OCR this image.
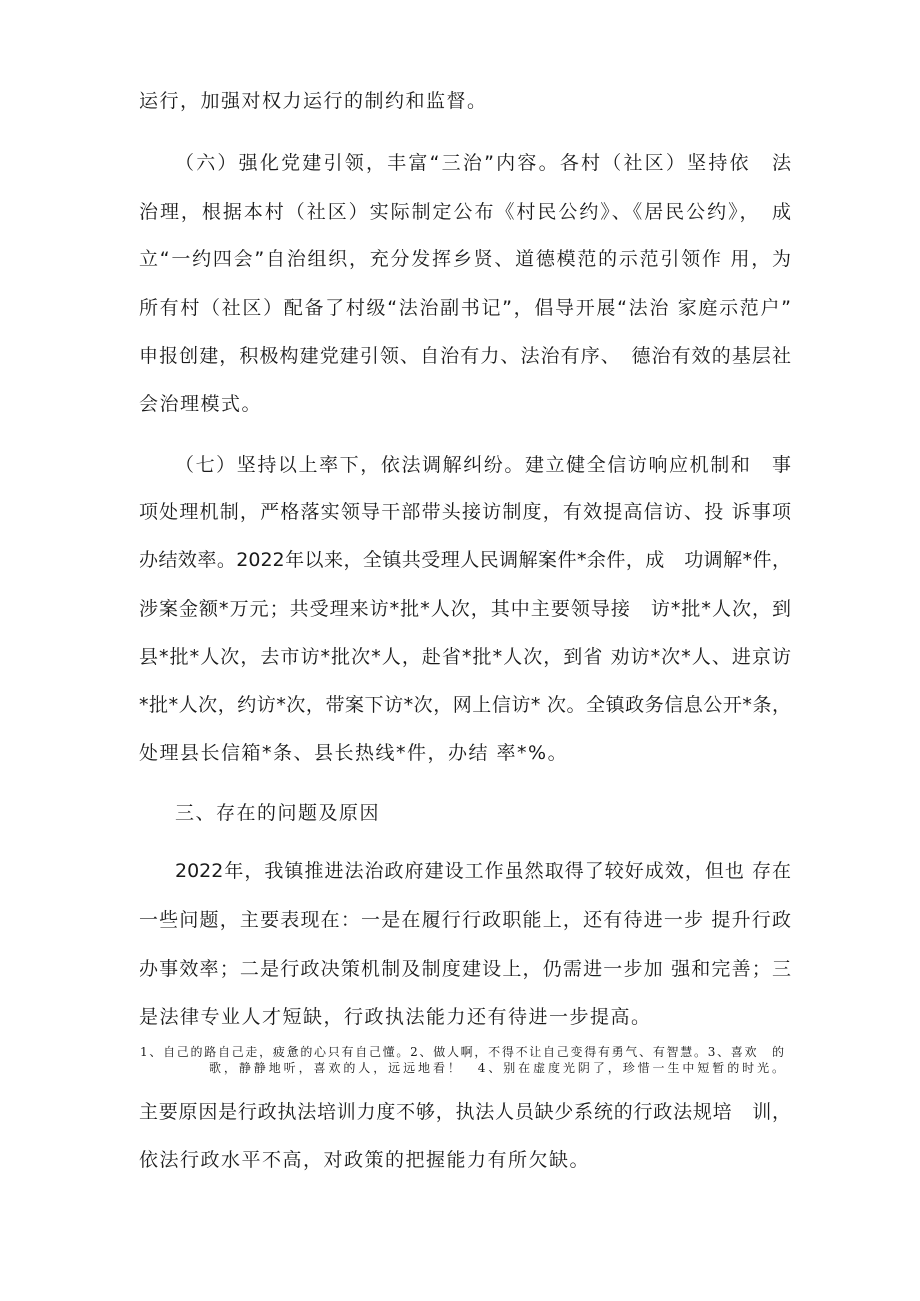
运行，加强对权力运行的制约和监督。
（六）强化党建引领，丰富“三治”内容。各村（社区）坚持依　法
治理，根据本村（社区）实际制定公布《村民公约》、《居民公约》，　成
立“一约四会”自治组织，充分发挥乡贤、道德模范的示范引领作 用，为
所有村（社区）配备了村级“法治副书记”，倡导开展“法治 家庭示范户”
申报创建，积极构建党建引领、自治有力、法治有序、　德治有效的基层社
会治理模式。
（七）坚持以上率下，依法调解纠纷。建立健全信访响应机制和　事
项处理机制，严格落实领导干部带头接访制度，有效提高信访、投 诉事项
办结效率。2022年以来，全镇共受理人民调解案件*余件，成　功调解*件，
涉案金额*万元；共受理来访*批*人次，其中主要领导接　访*批*人次，到
县*批*人次，去市访*批次*人，赴省*批*人次，到省 劝访*次*人、进京访
*批*人次，约访*次，带案下访*次，网上信访* 次。全镇政务信息公开*条，
处理县长信箱*条、县长热线*件，办结 率*%。
三、存在的问题及原因
2022年，我镇推进法治政府建设工作虽然取得了较好成效，但也 存在
一些问题，主要表现在：一是在履行行政职能上，还有待进一步 提升行政
办事效率；二是行政决策机制及制度建设上，仍需进一步加 强和完善；三
是法律专业人才短缺，行政执法能力还有待进一步提高。
1、自己的路自己走，疲惫的心只有自己懂。2、做人啊，不得不让自己变得有勇气、有智慧。3、喜欢　的
歌，静静地听，喜欢的人，远远地看！　4、别在虚度光阴了，珍惜一生中短暂的时光。
主要原因是行政执法培训力度不够，执法人员缺少系统的行政法规培　训，
依法行政水平不高，对政策的把握能力有所欠缺。
